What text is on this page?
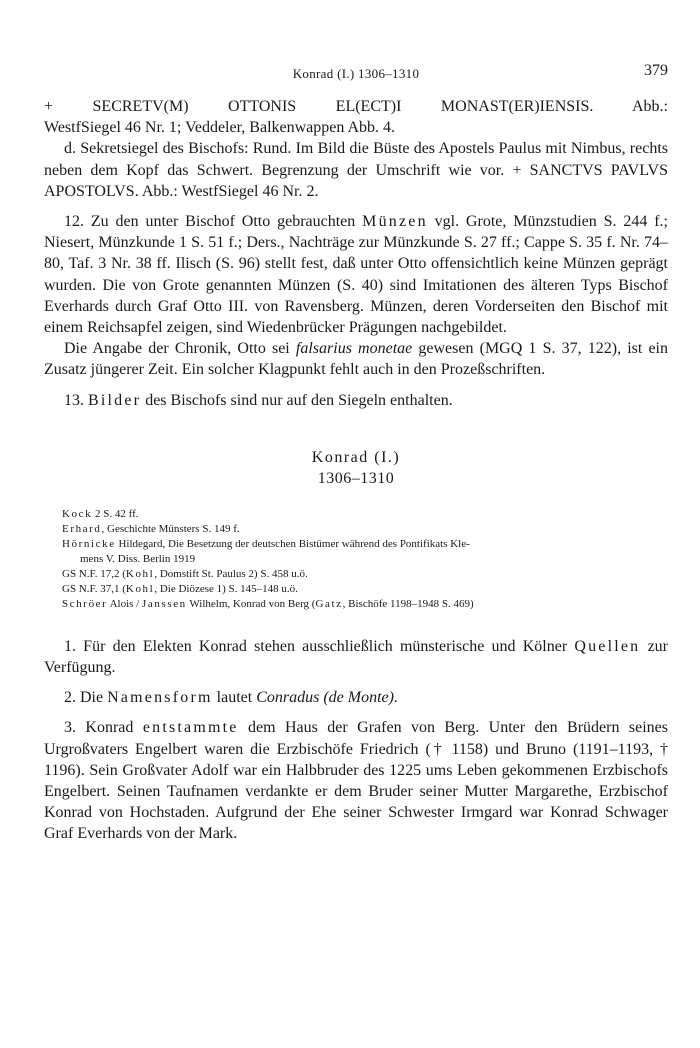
Konrad (I.) 1306–1310	379

+ SECRETV(M) OTTONIS EL(ECT)I MONAST(ER)IENSIS. Abb.:

WestfSiegel 46 Nr. 1; Veddeler, Balkenwappen Abb. 4.

d. Sekretsiegel des Bischofs: Rund. Im Bild die Büste des Apostels Paulus mit Nimbus, rechts neben dem Kopf das Schwert. Begrenzung der Umschrift wie vor. + SANCTVS PAVLVS APOSTOLVS. Abb.: WestfSiegel 46 Nr. 2.

12. Zu den unter Bischof Otto gebrauchten Münzen vgl. Grote, Münzstudien S. 244 f.; Niesert, Münzkunde 1 S. 51 f.; Ders., Nachträge zur Münzkunde S. 27 ff.; Cappe S. 35 f. Nr. 74–80, Taf. 3 Nr. 38 ff. Ilisch (S. 96) stellt fest, daß unter Otto offensichtlich keine Münzen geprägt wurden. Die von Grote genannten Münzen (S. 40) sind Imitationen des älteren Typs Bischof Everhards durch Graf Otto III. von Ravensberg. Münzen, deren Vorderseiten den Bischof mit einem Reichsapfel zeigen, sind Wiedenbrücker Prägungen nachgebildet.

Die Angabe der Chronik, Otto sei falsarius monetae gewesen (MGQ 1 S. 37, 122), ist ein Zusatz jüngerer Zeit. Ein solcher Klagpunkt fehlt auch in den Prozeßschriften.

13. Bilder des Bischofs sind nur auf den Siegeln enthalten.

Konrad (I.)
1306–1310
Kock 2 S. 42 ff.
Erhard, Geschichte Münsters S. 149 f.
Hörnicke Hildegard, Die Besetzung der deutschen Bistümer während des Pontifikats Kle-
mens V. Diss. Berlin 1919
GS N.F. 17,2 (Kohl, Domstift St. Paulus 2) S. 458 u.ö.
GS N.F. 37,1 (Kohl, Die Diözese 1) S. 145–148 u.ö.
Schröer Alois / Janssen Wilhelm, Konrad von Berg (Gatz, Bischöfe 1198–1948 S. 469)

1. Für den Elekten Konrad stehen ausschließlich münsterische und Kölner Quellen zur Verfügung.

2. Die Namensform lautet Conradus (de Monte).

3. Konrad entstammte dem Haus der Grafen von Berg. Unter den Brüdern seines Urgroßvaters Engelbert waren die Erzbischöfe Friedrich († 1158) und Bruno (1191–1193, † 1196). Sein Großvater Adolf war ein Halbbruder des 1225 ums Leben gekommenen Erzbischofs Engelbert. Seinen Taufnamen verdankte er dem Bruder seiner Mutter Margarethe, Erzbischof Konrad von Hochstaden. Aufgrund der Ehe seiner Schwester Irmgard war Konrad Schwager Graf Everhards von der Mark.
